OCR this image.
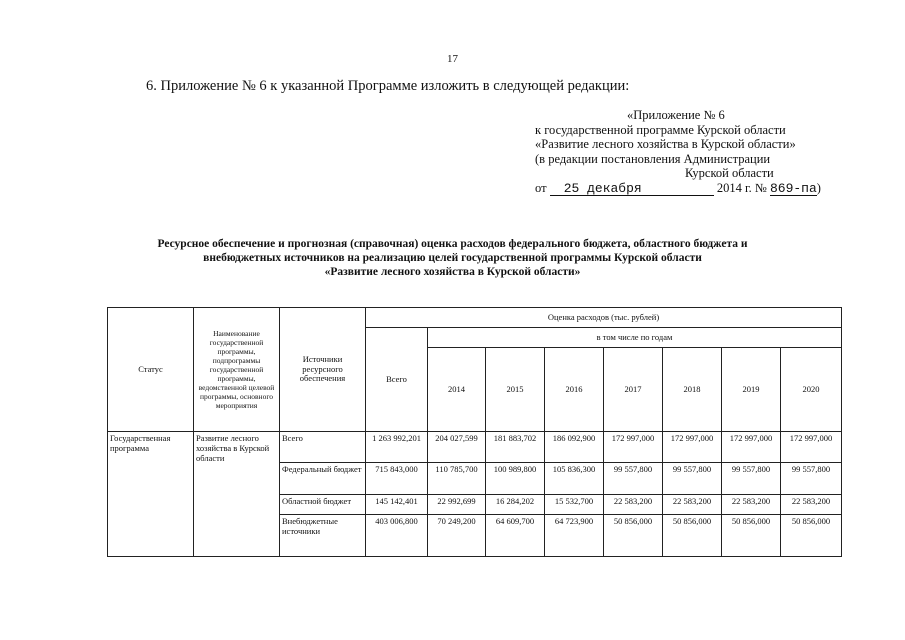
17
6. Приложение № 6 к указанной Программе изложить в следующей редакции:
«Приложение № 6
к государственной программе Курской области
«Развитие лесного хозяйства в Курской области»
(в редакции постановления Администрации
Курской области
от 25 декабря	2014 г. № 869-па)
Ресурсное обеспечение и прогнозная (справочная) оценка расходов федерального бюджета, областного бюджета и
внебюджетных источников на реализацию целей государственной программы Курской области
«Развитие лесного хозяйства в Курской области»
Статус	Наименование государственной программы, подпрограммы государственной программы, ведомственной целевой программы, основного мероприятия	Источники ресурсного обеспечения	Оценка расходов (тыс. рублей)							
			Всего	в том числе по годам						
				2014	2015	2016	2017	2018	2019	2020
Государственная программа	Развитие лесного хозяйства в Курской области	Всего	1 263 992,201	204 027,599	181 883,702	186 092,900	172 997,000	172 997,000	172 997,000	172 997,000
		Федеральный бюджет	715 843,000	110 785,700	100 989,800	105 836,300	99 557,800	99 557,800	99 557,800	99 557,800
		Областной бюджет	145 142,401	22 992,699	16 284,202	15 532,700	22 583,200	22 583,200	22 583,200	22 583,200
		Внебюджетные источники	403 006,800	70 249,200	64 609,700	64 723,900	50 856,000	50 856,000	50 856,000	50 856,000
